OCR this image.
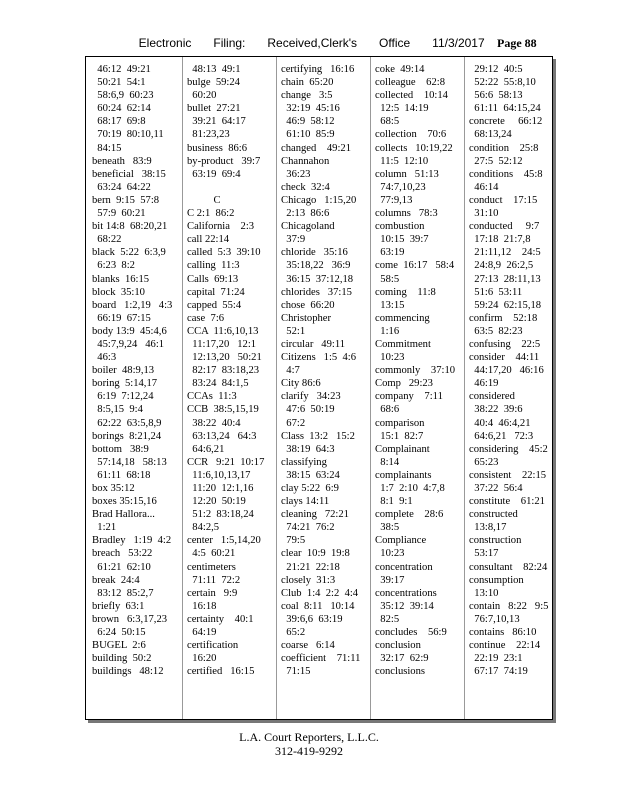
Electronic Filing: Received,Clerk's Office 11/3/2017	Page 88
46:12  49:21
50:21  54:1
58:6,9  60:23
60:24  62:14
68:17  69:8
70:19  80:10,11
84:15
beneath   83:9
beneficial   38:15
63:24  64:22
bern  9:15  57:8
57:9  60:21
bit 14:8  68:20,21
68:22
black  5:22  6:3,9
6:23  8:2
blanks  16:15
block  35:10
board   1:2,19   4:3
66:19  67:15
body 13:9  45:4,6
45:7,9,24   46:1
46:3
boiler  48:9,13
boring  5:14,17
6:19  7:12,24
8:5,15  9:4
62:22  63:5,8,9
borings  8:21,24
bottom   38:9
57:14,18   58:13
61:11  68:18
box 35:12
boxes 35:15,16
Brad Hallora...
1:21
Bradley   1:19  4:2
breach   53:22
61:21  62:10
break  24:4
83:12  85:2,7
briefly  63:1
brown   6:3,17,23
6:24  50:15
BUGEL  2:6
building  50:2
buildings   48:12
48:13  49:1
bulge  59:24
60:20
bullet  27:21
39:21  64:17
81:23,23
business  86:6
by-product   39:7
63:19  69:4

C
C 2:1  86:2
California    2:3
call 22:14
called  5:3  39:10
calling  11:3
Calls  69:13
capital  71:24
capped  55:4
case  7:6
CCA  11:6,10,13
11:17,20   12:1
12:13,20   50:21
82:17  83:18,23
83:24  84:1,5
CCAs  11:3
CCB  38:5,15,19
38:22  40:4
63:13,24   64:3
64:6,21
CCR   9:21  10:17
11:6,10,13,17
11:20  12:1,16
12:20  50:19
51:2  83:18,24
84:2,5
center   1:5,14,20
4:5  60:21
centimeters
71:11  72:2
certain   9:9
16:18
certainty    40:1
64:19
certification
16:20
certified   16:15
certifying   16:16
chain  65:20
change   3:5
32:19  45:16
46:9  58:12
61:10  85:9
changed    49:21
Channahon
36:23
check  32:4
Chicago   1:15,20
2:13  86:6
Chicagoland
37:9
chloride   35:16
35:18,22   36:9
36:15  37:12,18
chlorides   37:15
chose  66:20
Christopher
52:1
circular   49:11
Citizens   1:5  4:6
4:7
City 86:6
clarify   34:23
47:6  50:19
67:2
Class  13:2   15:2
38:19  64:3
classifying
38:15  63:24
clay 5:22  6:9
clays 14:11
cleaning   72:21
74:21  76:2
79:5
clear  10:9  19:8
21:21  22:18
closely  31:3
Club  1:4  2:2  4:4
coal  8:11   10:14
39:6,6  63:19
65:2
coarse   6:14
coefficient    71:11
71:15
coke  49:14
colleague    62:8
collected    10:14
12:5  14:19
68:5
collection    70:6
collects   10:19,22
11:5  12:10
column   51:13
74:7,10,23
77:9,13
columns   78:3
combustion
10:15  39:7
63:19
come  16:17   58:4
58:5
coming    11:8
13:15
commencing
1:16
Commitment
10:23
commonly    37:10
Comp   29:23
company    7:11
68:6
comparison
15:1  82:7
Complainant
8:14
complainants
1:7  2:10  4:7,8
8:1  9:1
complete    28:6
38:5
Compliance
10:23
concentration
39:17
concentrations
35:12  39:14
82:5
concludes    56:9
conclusion
32:17  62:9
conclusions
29:12  40:5
52:22  55:8,10
56:6  58:13
61:11  64:15,24
concrete     66:12
68:13,24
condition    25:8
27:5  52:12
conditions    45:8
46:14
conduct    17:15
31:10
conducted     9:7
17:18  21:7,8
21:11,12    24:5
24:8,9  26:2,5
27:13  28:11,13
51:6  53:11
59:24  62:15,18
confirm    52:18
63:5  82:23
confusing    22:5
consider    44:11
44:17,20   46:16
46:19
considered
38:22  39:6
40:4  46:4,21
64:6,21   72:3
considering    45:2
65:23
consistent    22:15
37:22  56:4
constitute    61:21
constructed
13:8,17
construction
53:17
consultant    82:24
consumption
13:10
contain   8:22   9:5
76:7,10,13
contains   86:10
continue    22:14
22:19  23:1
67:17  74:19
L.A. Court Reporters, L.L.C.
312-419-9292
